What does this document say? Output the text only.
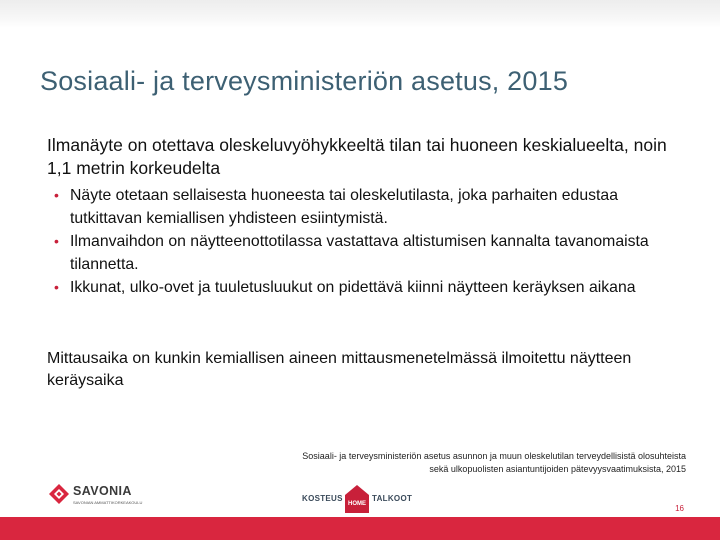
Sosiaali- ja terveysministeriön asetus, 2015
Ilmanäyte on otettava oleskeluvyöhykkeeltä tilan tai huoneen keskialueelta, noin 1,1 metrin korkeudelta
• Näyte otetaan sellaisesta huoneesta tai oleskelutilasta, joka parhaiten edustaa tutkittavan kemiallisen yhdisteen esiintymistä.
• Ilmanvaihdon on näytteenottotilassa vastattava altistumisen kannalta tavanomaista tilannetta.
• Ikkunat, ulko-ovet ja tuuletusluukut on pidettävä kiinni näytteen keräyksen aikana
Mittausaika on kunkin kemiallisen aineen mittausmenetelmässä ilmoitettu näytteen keräysaika
Sosiaali- ja terveysministeriön asetus asunnon ja muun oleskelutilan terveydellisistä olosuhteista
sekä ulkopuolisten asiantuntijoiden pätevyysvaatimuksista, 2015
SAVONIA
SAVONIAN AMMATTIKORKEAKOULU	KOSTEUS
HOME
TALKOOT
16
